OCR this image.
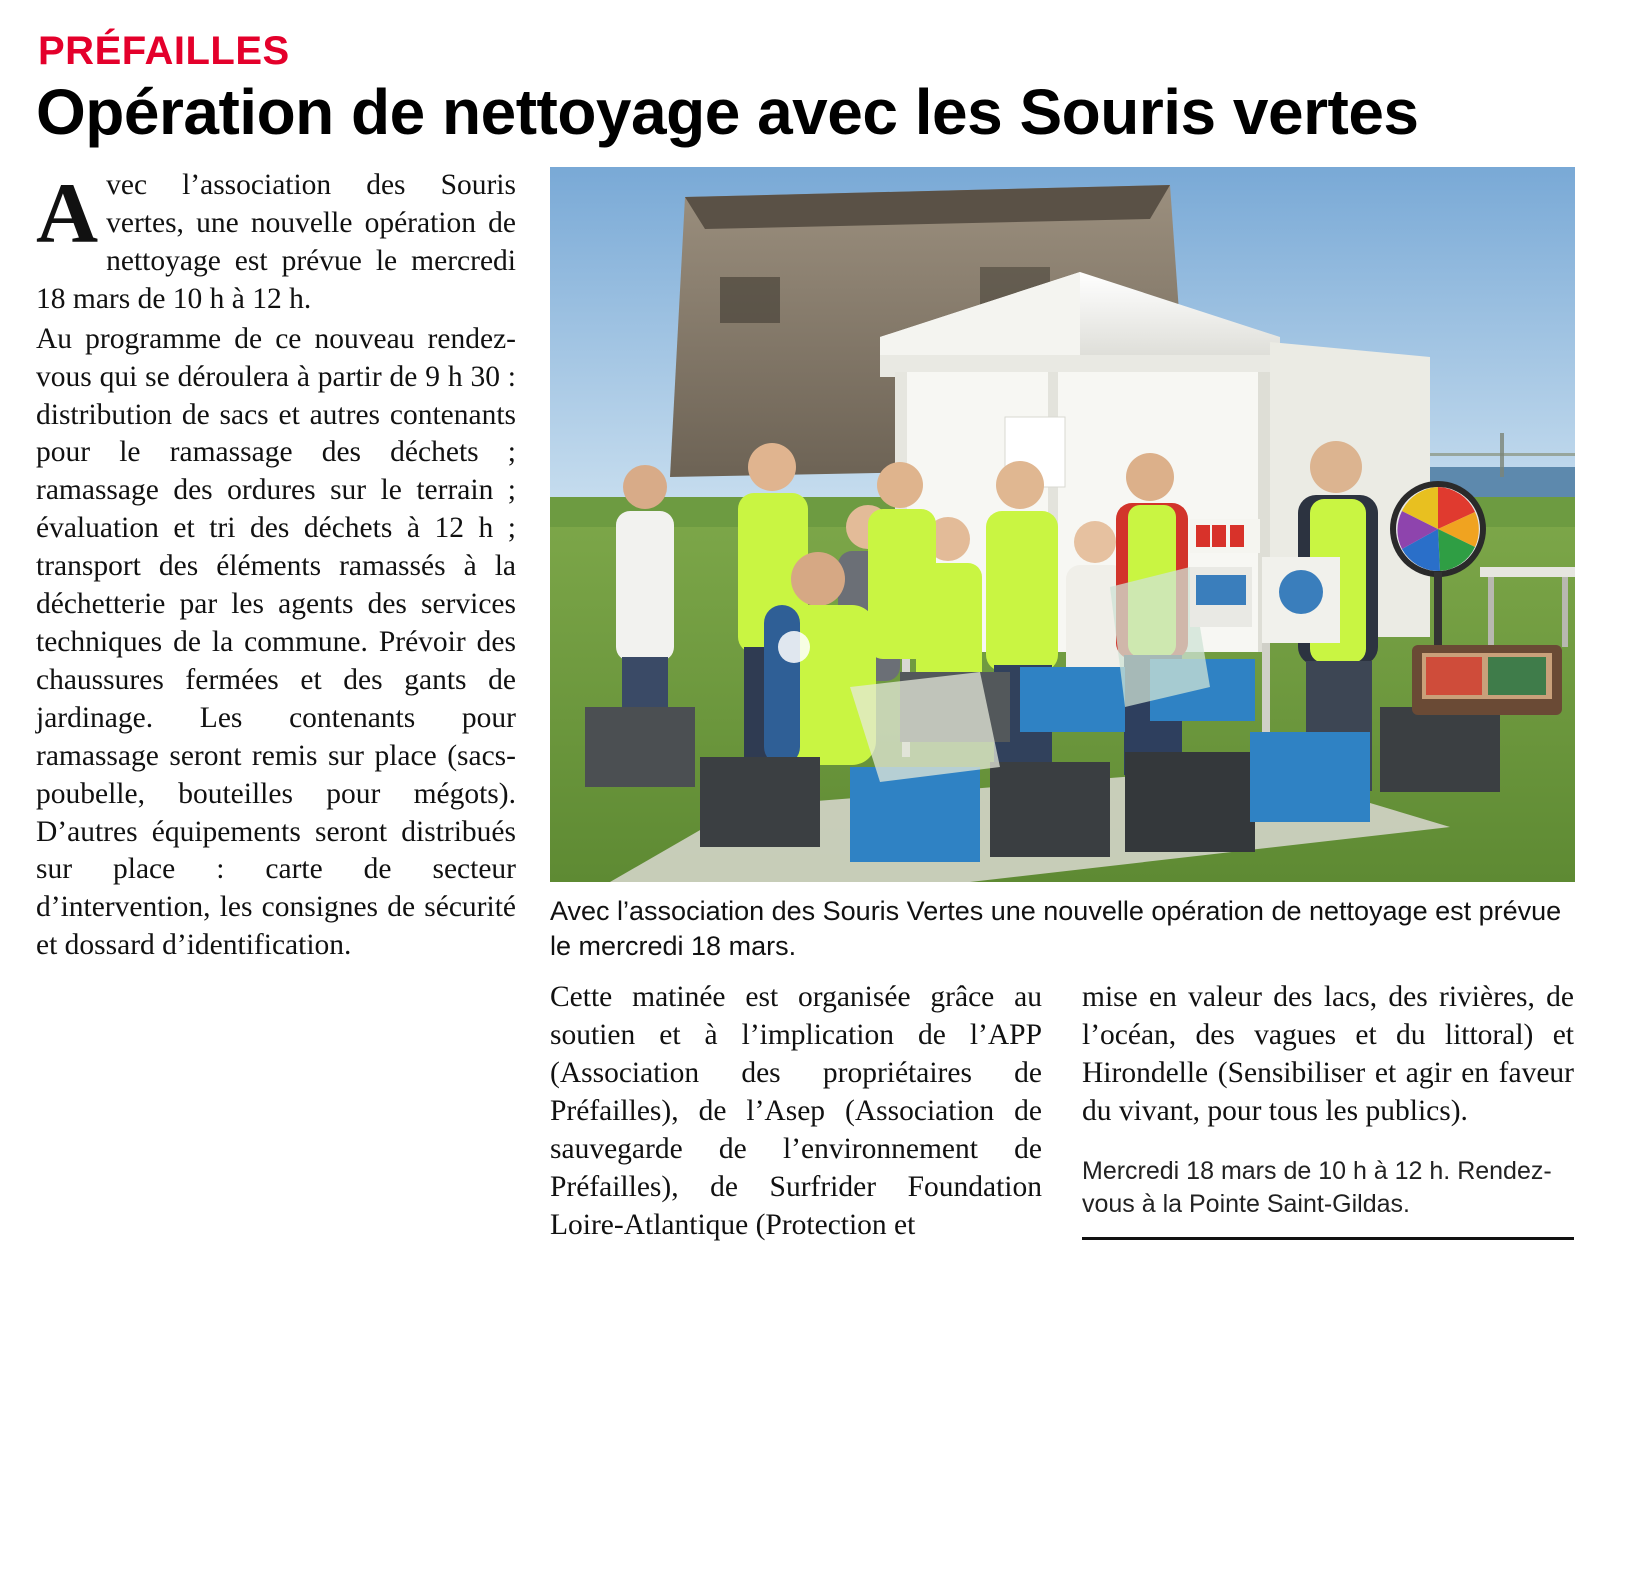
PRÉFAILLES
Opération de nettoyage avec les Souris vertes

Avec l’association des Souris vertes, une nouvelle opération de nettoyage est prévue le mercredi 18 mars de 10 h à 12 h.

Au programme de ce nouveau rendez-vous qui se déroulera à partir de 9 h 30 : distribution de sacs et autres contenants pour le ramassage des déchets ; ramassage des ordures sur le terrain ; évaluation et tri des déchets à 12 h ; transport des éléments ramassés à la déchetterie par les agents des services techniques de la commune. Prévoir des chaussures fermées et des gants de jardinage. Les contenants pour ramassage seront remis sur place (sacs-poubelle, bouteilles pour mégots). D’autres équipements seront distribués sur place : carte de secteur d’intervention, les consignes de sécurité et dossard d’identification.

Avec l’association des Souris Vertes une nouvelle opération de nettoyage est prévue le mercredi 18 mars.

Cette matinée est organisée grâce au soutien et à l’implication de l’APP (Association des propriétaires de Préfailles), de l’Asep (Association de sauvegarde de l’environnement de Préfailles), de Surfrider Foundation Loire-Atlantique (Protection et

mise en valeur des lacs, des rivières, de l’océan, des vagues et du littoral) et Hirondelle (Sensibiliser et agir en faveur du vivant, pour tous les publics).

Mercredi 18 mars de 10 h à 12 h. Rendez-vous à la Pointe Saint-Gildas.
